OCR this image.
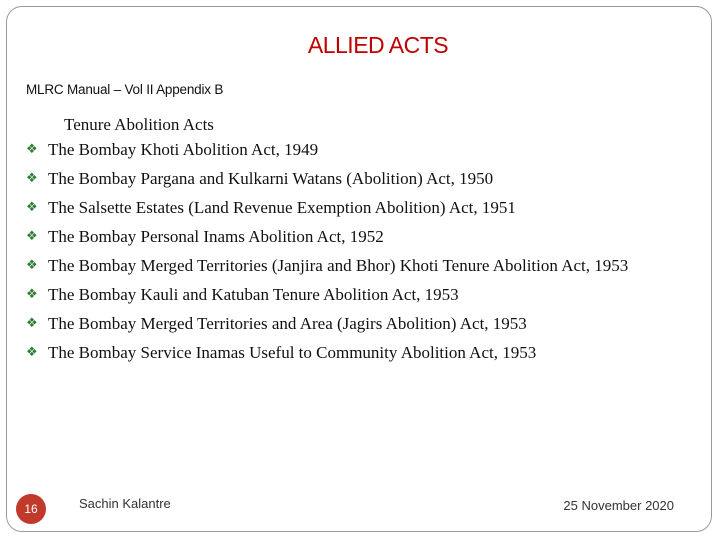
ALLIED ACTS
MLRC Manual – Vol II Appendix B
Tenure Abolition Acts
❖ The Bombay Khoti Abolition Act, 1949
❖ The Bombay Pargana and Kulkarni Watans (Abolition) Act, 1950
❖ The Salsette Estates (Land Revenue Exemption Abolition) Act, 1951
❖ The Bombay Personal Inams Abolition Act, 1952
❖ The Bombay Merged Territories (Janjira and Bhor) Khoti Tenure Abolition Act, 1953
❖ The Bombay Kauli and Katuban Tenure Abolition Act, 1953
❖ The Bombay Merged Territories and Area (Jagirs Abolition) Act, 1953
❖ The Bombay Service Inamas Useful to Community Abolition Act, 1953
16	Sachin Kalantre	25 November 2020
